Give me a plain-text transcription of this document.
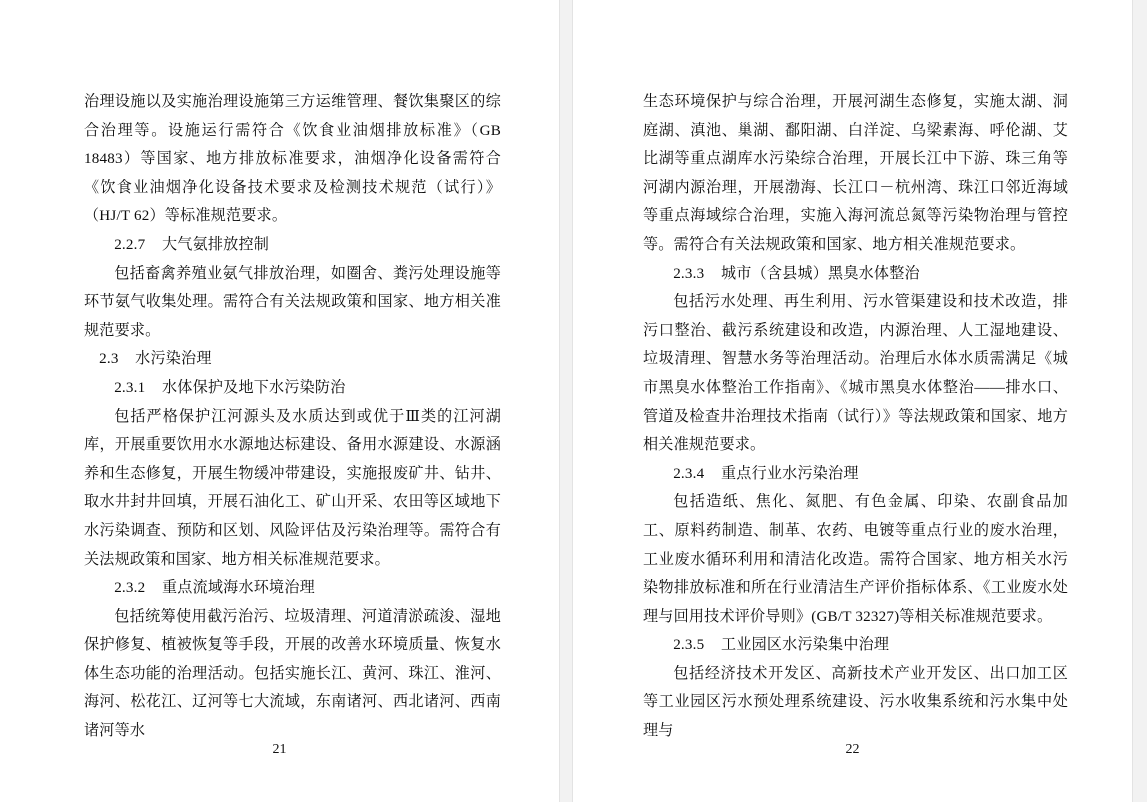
治理设施以及实施治理设施第三方运维管理、餐饮集聚区的综合治理等。设施运行需符合《饮食业油烟排放标准》（GB 18483）等国家、地方排放标准要求，油烟净化设备需符合《饮食业油烟净化设备技术要求及检测技术规范（试行）》（HJ/T 62）等标准规范要求。

2.2.7 大气氨排放控制

包括畜禽养殖业氨气排放治理，如圈舍、粪污处理设施等环节氨气收集处理。需符合有关法规政策和国家、地方相关准规范要求。

2.3 水污染治理

2.3.1 水体保护及地下水污染防治

包括严格保护江河源头及水质达到或优于Ⅲ类的江河湖库，开展重要饮用水水源地达标建设、备用水源建设、水源涵养和生态修复，开展生物缓冲带建设，实施报废矿井、钻井、取水井封井回填，开展石油化工、矿山开采、农田等区域地下水污染调查、预防和区划、风险评估及污染治理等。需符合有关法规政策和国家、地方相关标准规范要求。

2.3.2 重点流域海水环境治理

包括统筹使用截污治污、垃圾清理、河道清淤疏浚、湿地保护修复、植被恢复等手段，开展的改善水环境质量、恢复水体生态功能的治理活动。包括实施长江、黄河、珠江、淮河、海河、松花江、辽河等七大流域，东南诸河、西北诸河、西南诸河等水

21

生态环境保护与综合治理，开展河湖生态修复，实施太湖、洞庭湖、滇池、巢湖、鄱阳湖、白洋淀、乌梁素海、呼伦湖、艾比湖等重点湖库水污染综合治理，开展长江中下游、珠三角等河湖内源治理，开展渤海、长江口－杭州湾、珠江口邻近海域等重点海域综合治理，实施入海河流总氮等污染物治理与管控等。需符合有关法规政策和国家、地方相关准规范要求。

2.3.3 城市（含县城）黑臭水体整治

包括污水处理、再生利用、污水管渠建设和技术改造，排污口整治、截污系统建设和改造，内源治理、人工湿地建设、垃圾清理、智慧水务等治理活动。治理后水体水质需满足《城市黑臭水体整治工作指南》、《城市黑臭水体整治——排水口、管道及检查井治理技术指南（试行）》等法规政策和国家、地方相关准规范要求。

2.3.4 重点行业水污染治理

包括造纸、焦化、氮肥、有色金属、印染、农副食品加工、原料药制造、制革、农药、电镀等重点行业的废水治理，工业废水循环利用和清洁化改造。需符合国家、地方相关水污染物排放标准和所在行业清洁生产评价指标体系、《工业废水处理与回用技术评价导则》(GB/T 32327)等相关标准规范要求。

2.3.5 工业园区水污染集中治理

包括经济技术开发区、高新技术产业开发区、出口加工区等工业园区污水预处理系统建设、污水收集系统和污水集中处理与

22
